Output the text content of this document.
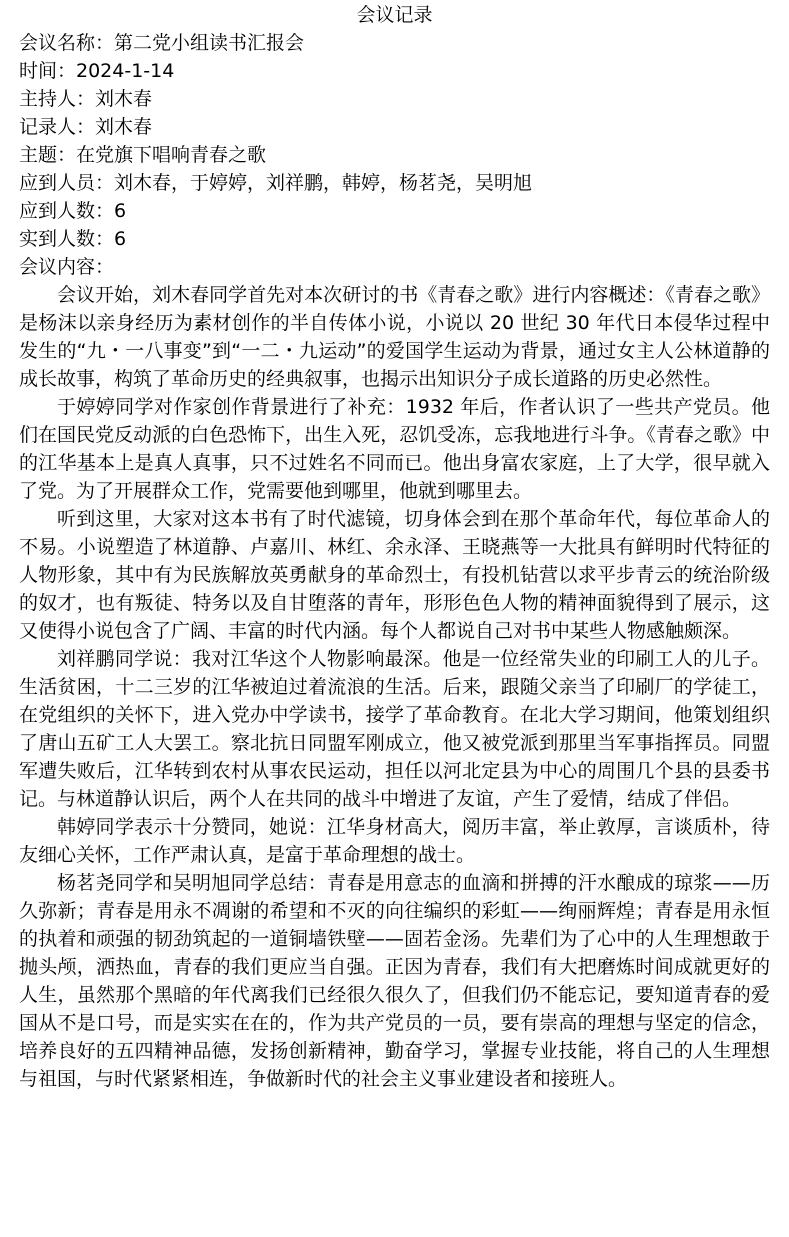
会议记录
会议名称：第二党小组读书汇报会
时间：2024-1-14
主持人：刘木春
记录人：刘木春
主题：在党旗下唱响青春之歌
应到人员：刘木春，于婷婷，刘祥鹏，韩婷，杨茗尧，吴明旭
应到人数：6
实到人数：6
会议内容：

会议开始，刘木春同学首先对本次研讨的书《青春之歌》进行内容概述：《青春之歌》是杨沫以亲身经历为素材创作的半自传体小说，小说以 20 世纪 30 年代日本侵华过程中发生的“九・一八事变”到“一二・九运动”的爱国学生运动为背景，通过女主人公林道静的成长故事，构筑了革命历史的经典叙事，也揭示出知识分子成长道路的历史必然性。

于婷婷同学对作家创作背景进行了补充：1932 年后，作者认识了一些共产党员。他们在国民党反动派的白色恐怖下，出生入死，忍饥受冻，忘我地进行斗争。《青春之歌》中的江华基本上是真人真事，只不过姓名不同而已。他出身富农家庭，上了大学，很早就入了党。为了开展群众工作，党需要他到哪里，他就到哪里去。

听到这里，大家对这本书有了时代滤镜，切身体会到在那个革命年代，每位革命人的不易。小说塑造了林道静、卢嘉川、林红、余永泽、王晓燕等一大批具有鲜明时代特征的人物形象，其中有为民族解放英勇献身的革命烈士，有投机钻营以求平步青云的统治阶级的奴才，也有叛徒、特务以及自甘堕落的青年，形形色色人物的精神面貌得到了展示，这又使得小说包含了广阔、丰富的时代内涵。每个人都说自己对书中某些人物感触颇深。

刘祥鹏同学说：我对江华这个人物影响最深。他是一位经常失业的印刷工人的儿子。生活贫困，十二三岁的江华被迫过着流浪的生活。后来，跟随父亲当了印刷厂的学徒工，在党组织的关怀下，进入党办中学读书，接学了革命教育。在北大学习期间，他策划组织了唐山五矿工人大罢工。察北抗日同盟军刚成立，他又被党派到那里当军事指挥员。同盟军遭失败后，江华转到农村从事农民运动，担任以河北定县为中心的周围几个县的县委书记。与林道静认识后，两个人在共同的战斗中增进了友谊，产生了爱情，结成了伴侣。

韩婷同学表示十分赞同，她说：江华身材高大，阅历丰富，举止敦厚，言谈质朴，待友细心关怀，工作严肃认真，是富于革命理想的战士。

杨茗尧同学和吴明旭同学总结：青春是用意志的血滴和拼搏的汗水酿成的琼浆——历久弥新；青春是用永不凋谢的希望和不灭的向往编织的彩虹——绚丽辉煌；青春是用永恒的执着和顽强的韧劲筑起的一道铜墙铁壁——固若金汤。先辈们为了心中的人生理想敢于抛头颅，洒热血，青春的我们更应当自强。正因为青春，我们有大把磨炼时间成就更好的人生，虽然那个黑暗的年代离我们已经很久很久了，但我们仍不能忘记，要知道青春的爱国从不是口号，而是实实在在的，作为共产党员的一员，要有崇高的理想与坚定的信念，培养良好的五四精神品德，发扬创新精神，勤奋学习，掌握专业技能，将自己的人生理想与祖国，与时代紧紧相连，争做新时代的社会主义事业建设者和接班人。
